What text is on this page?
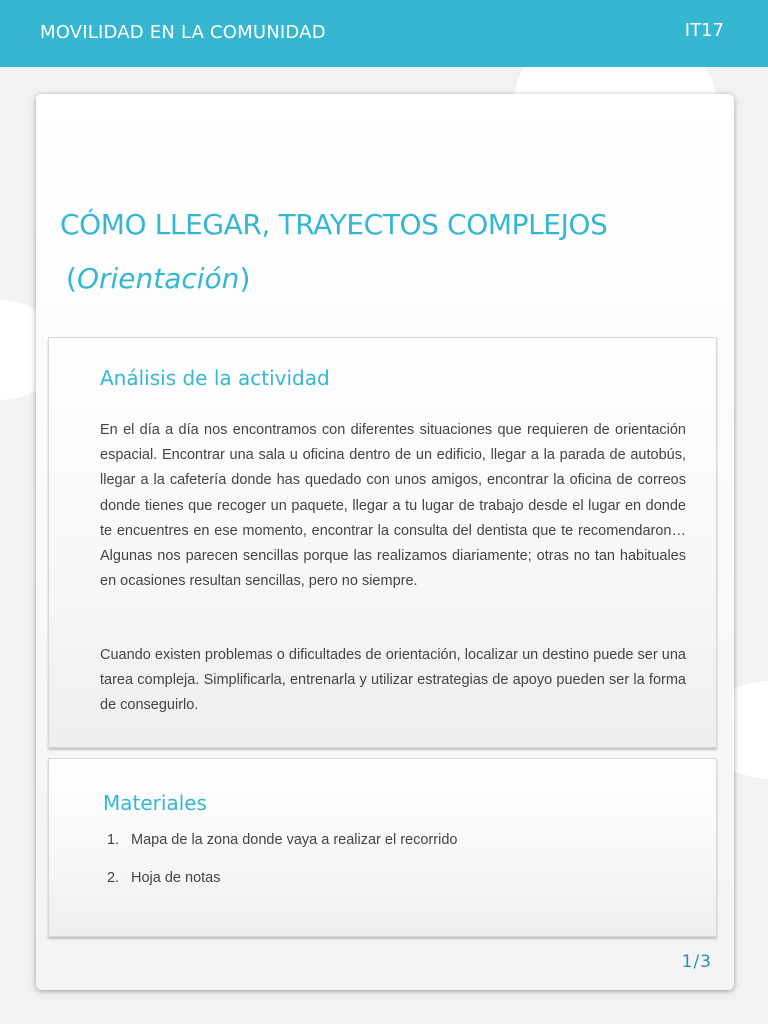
MOVILIDAD EN LA COMUNIDAD	IT17
CÓMO LLEGAR, TRAYECTOS COMPLEJOS
(Orientación)
Análisis de la actividad

En el día a día nos encontramos con diferentes situaciones que requieren de orientación espacial. Encontrar una sala u oficina dentro de un edificio, llegar a la parada de autobús, llegar a la cafetería donde has quedado con unos amigos, encontrar la oficina de correos donde tienes que recoger un paquete, llegar a tu lugar de trabajo desde el lugar en donde te encuentres en ese momento, encontrar la consulta del dentista que te recomendaron… Algunas nos parecen sencillas porque las realizamos diariamente; otras no tan habituales en ocasiones resultan sencillas, pero no siempre.

Cuando existen problemas o dificultades de orientación, localizar un destino puede ser una tarea compleja. Simplificarla, entrenarla y utilizar estrategias de apoyo pueden ser la forma de conseguirlo.

Materiales
1. Mapa de la zona donde vaya a realizar el recorrido
2. Hoja de notas
1/3
